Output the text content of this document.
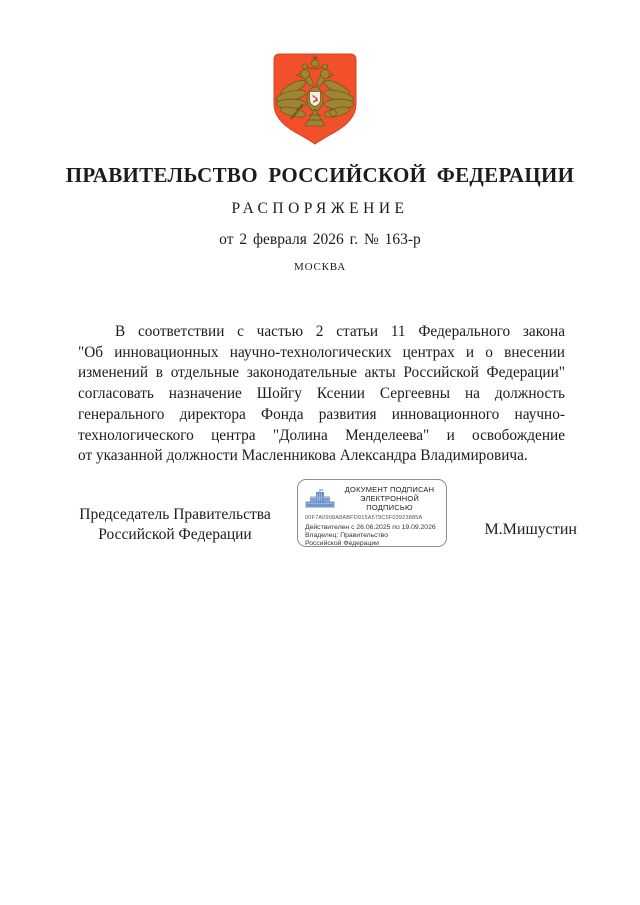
ПРАВИТЕЛЬСТВО РОССИЙСКОЙ ФЕДЕРАЦИИ
РАСПОРЯЖЕНИЕ
от 2 февраля 2026 г. № 163-р
МОСКВА
В соответствии с частью 2 статьи 11 Федерального закона
"Об инновационных научно-технологических центрах и о внесении
изменений в отдельные законодательные акты Российской Федерации"
согласовать назначение Шойгу Ксении Сергеевны на должность
генерального директора Фонда развития инновационного научно-
технологического центра "Долина Менделеева" и освобождение
от указанной должности Масленникова Александра Владимировича.
Председатель Правительства
Российской Федерации
ДОКУМЕНТ ПОДПИСАН
ЭЛЕКТРОННОЙ ПОДПИСЬЮ
00F7A0908A8ABFD915A579C5F03923885A
Действителен с 26.06.2025 по 19.09.2026
Владелец: Правительство Российской Федерации
М.Мишустин
